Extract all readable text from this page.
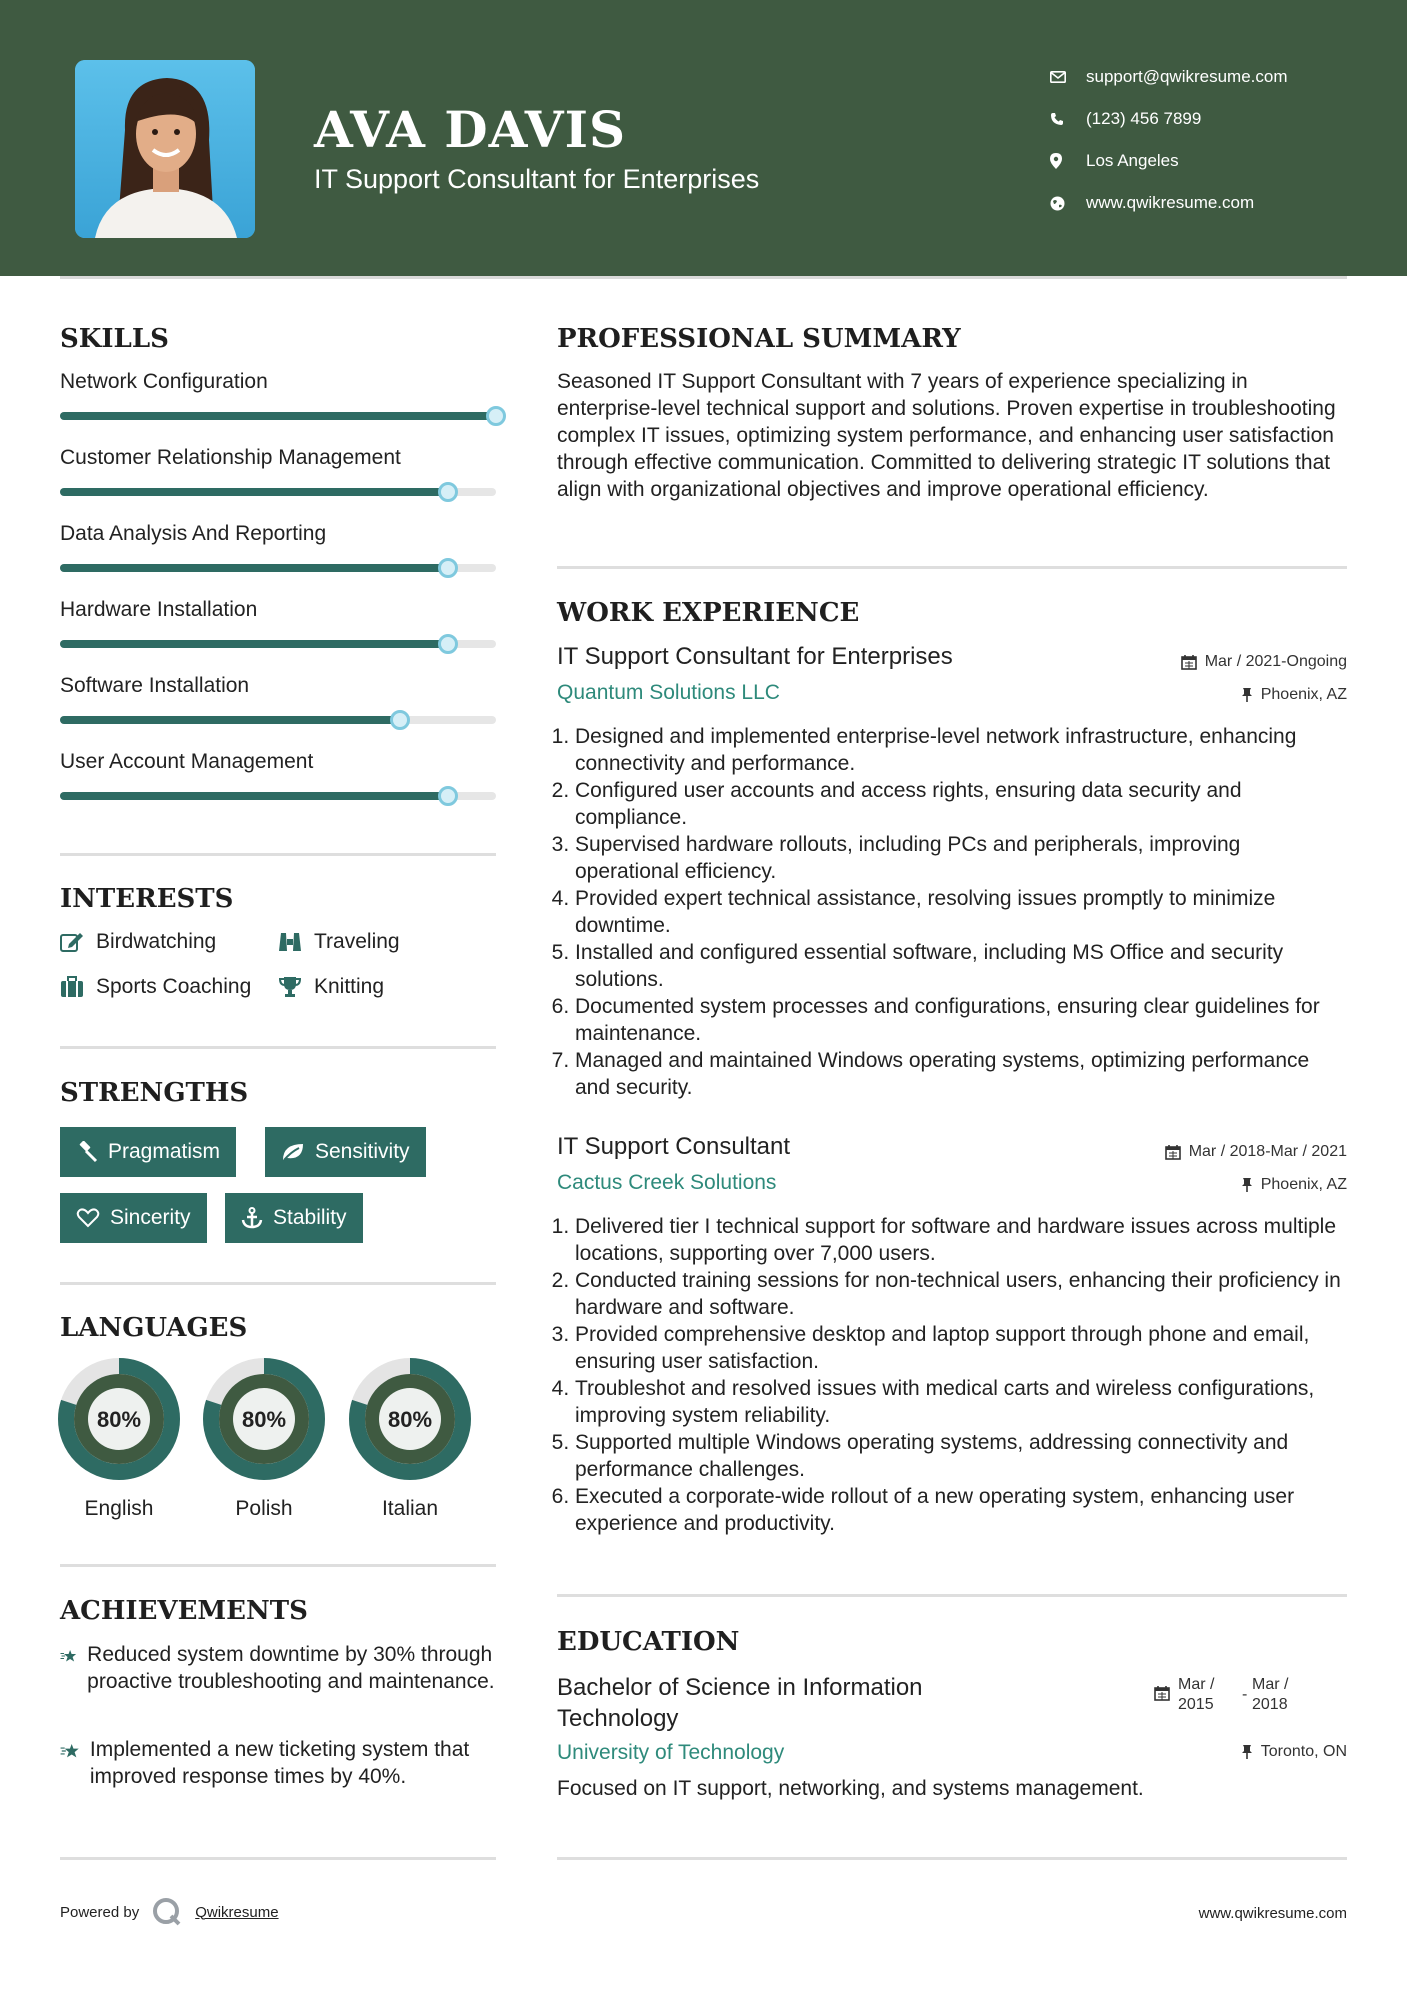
AVA DAVIS
IT Support Consultant for Enterprises
support@qwikresume.com
(123) 456 7899
Los Angeles
www.qwikresume.com
SKILLS
Network Configuration
Customer Relationship Management
Data Analysis And Reporting
Hardware Installation
Software Installation
User Account Management
INTERESTS
Birdwatching	Traveling
Sports Coaching	Knitting
STRENGTHS
Pragmatism	Sensitivity
Sincerity	Stability
LANGUAGES
80%
English
80%
Polish
80%
Italian
ACHIEVEMENTS
Reduced system downtime by 30% through proactive troubleshooting and maintenance.
Implemented a new ticketing system that improved response times by 40%.
PROFESSIONAL SUMMARY
Seasoned IT Support Consultant with 7 years of experience specializing in enterprise-level technical support and solutions. Proven expertise in troubleshooting complex IT issues, optimizing system performance, and enhancing user satisfaction through effective communication. Committed to delivering strategic IT solutions that align with organizational objectives and improve operational efficiency.
WORK EXPERIENCE
IT Support Consultant for Enterprises	Mar / 2021-Ongoing
Quantum Solutions LLC	Phoenix, AZ
1. Designed and implemented enterprise-level network infrastructure, enhancing connectivity and performance.
2. Configured user accounts and access rights, ensuring data security and compliance.
3. Supervised hardware rollouts, including PCs and peripherals, improving operational efficiency.
4. Provided expert technical assistance, resolving issues promptly to minimize downtime.
5. Installed and configured essential software, including MS Office and security solutions.
6. Documented system processes and configurations, ensuring clear guidelines for maintenance.
7. Managed and maintained Windows operating systems, optimizing performance and security.
IT Support Consultant	Mar / 2018-Mar / 2021
Cactus Creek Solutions	Phoenix, AZ
1. Delivered tier I technical support for software and hardware issues across multiple locations, supporting over 7,000 users.
2. Conducted training sessions for non-technical users, enhancing their proficiency in hardware and software.
3. Provided comprehensive desktop and laptop support through phone and email, ensuring user satisfaction.
4. Troubleshot and resolved issues with medical carts and wireless configurations, improving system reliability.
5. Supported multiple Windows operating systems, addressing connectivity and performance challenges.
6. Executed a corporate-wide rollout of a new operating system, enhancing user experience and productivity.
EDUCATION
Bachelor of Science in Information
Technology
Mar /
2015
-
Mar /
2018
University of Technology	Toronto, ON
Focused on IT support, networking, and systems management.
Powered by	Qwikresume	www.qwikresume.com
